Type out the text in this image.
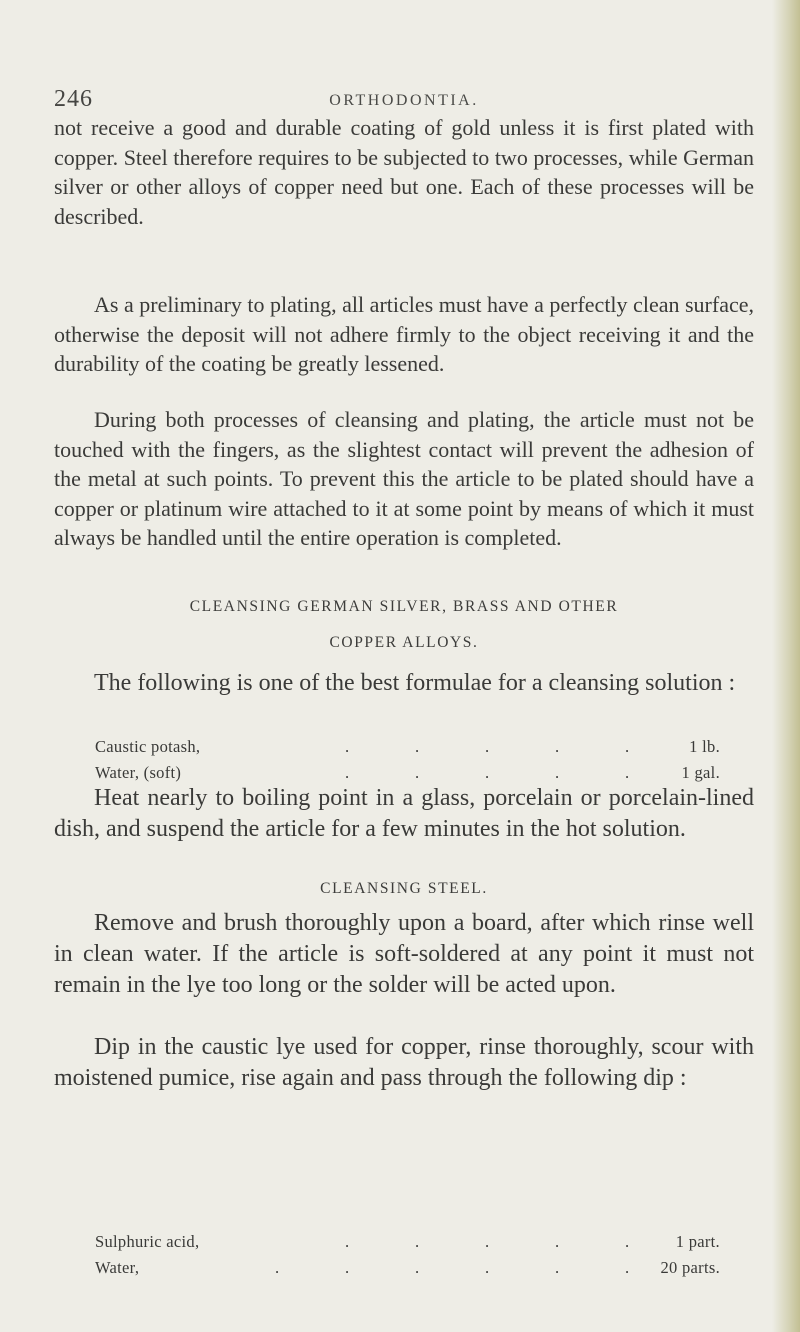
246	ORTHODONTIA.

not receive a good and durable coating of gold unless it is first plated with copper. Steel therefore requires to be subjected to two processes, while German silver or other alloys of copper need but one. Each of these processes will be described.

As a preliminary to plating, all articles must have a perfectly clean surface, otherwise the deposit will not adhere firmly to the object receiving it and the durability of the coating be greatly lessened.

During both processes of cleansing and plating, the article must not be touched with the fingers, as the slightest contact will prevent the adhesion of the metal at such points. To prevent this the article to be plated should have a copper or platinum wire attached to it at some point by means of which it must always be handled until the entire operation is completed.

CLEANSING GERMAN SILVER, BRASS AND OTHER
COPPER ALLOYS.

The following is one of the best formulae for a cleansing solution :

Caustic potash,	.	.	.	.	.	1 lb.
Water, (soft)	.	.	.	.	.	1 gal.

Heat nearly to boiling point in a glass, porcelain or porcelain-lined dish, and suspend the article for a few minutes in the hot solution.

Remove and brush thoroughly upon a board, after which rinse well in clean water. If the article is soft-soldered at any point it must not remain in the lye too long or the solder will be acted upon.

CLEANSING STEEL.

Dip in the caustic lye used for copper, rinse thoroughly, scour with moistened pumice, rise again and pass through the following dip :

Sulphuric acid,	.	.	.	.	.	1 part.
Water,	.	.	.	.	.	. 20 parts.
